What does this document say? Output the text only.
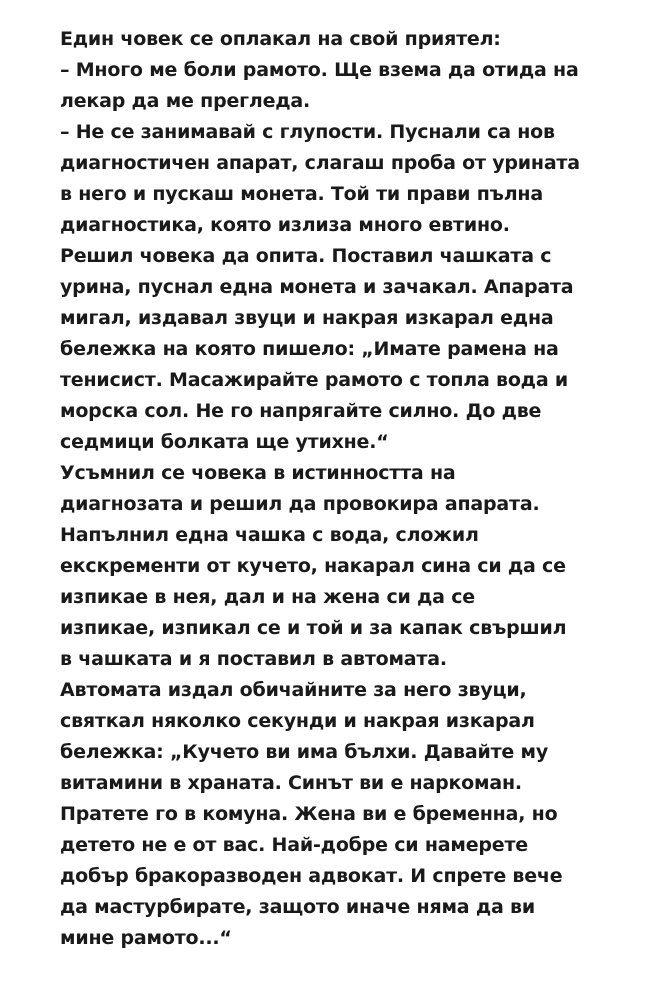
Един човек се оплакал на свой приятел:
– Много ме боли рамото. Ще взема да отида на
лекар да ме прегледа.
– Не се занимавай с глупости. Пуснали са нов
диагностичен апарат, слагаш проба от урината
в него и пускаш монета. Той ти прави пълна
диагностика, която излиза много евтино.
Решил човека да опита. Поставил чашката с
урина, пуснал една монета и зачакал. Апарата
мигал, издавал звуци и накрая изкарал една
бележка на която пишело: „Имате рамена на
тенисист. Масажирайте рамото с топла вода и
морска сол. Не го напрягайте силно. До две
седмици болката ще утихне.“
Усъмнил се човека в истинността на
диагнозата и решил да провокира апарата.
Напълнил една чашка с вода, сложил
екскременти от кучето, накарал сина си да се
изпикае в нея, дал и на жена си да се
изпикае, изпикал се и той и за капак свършил
в чашката и я поставил в автомата.
Автомата издал обичайните за него звуци,
святкал няколко секунди и накрая изкарал
бележка: „Кучето ви има бълхи. Давайте му
витамини в храната. Синът ви е наркоман.
Пратете го в комуна. Жена ви е бременна, но
детето не е от вас. Най-добре си намерете
добър бракоразводен адвокат. И спрете вече
да мастурбирате, защото иначе няма да ви
мине рамото...“
